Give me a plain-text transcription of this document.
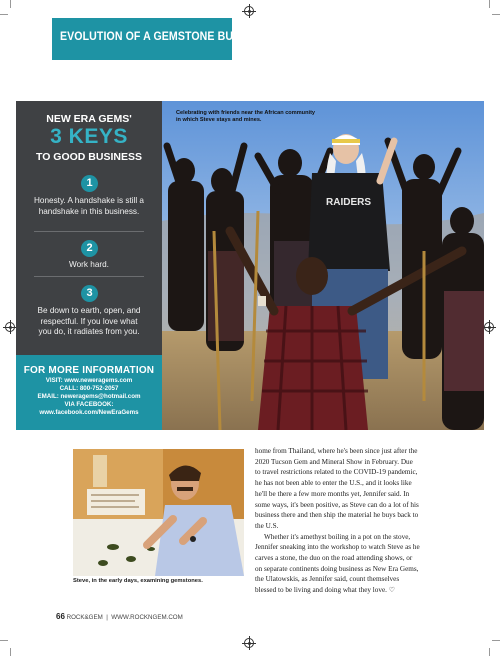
EVOLUTION OF A GEMSTONE BUSINESS
NEW ERA GEMS'
3 KEYS
TO GOOD BUSINESS
1
Honesty. A handshake is still a handshake in this business.
2
Work hard.
3
Be down to earth, open, and respectful. If you love what you do, it radiates from you.
FOR MORE INFORMATION
VISIT: www.neweragems.com
CALL: 800-752-2057
EMAIL: neweragems@hotmail.com
VIA FACEBOOK:
www.facebook.com/NewEraGems
RAIDERS
Celebrating with friends near the African community in which Steve stays and mines.
Steve, in the early days, examining gemstones.

home from Thailand, where he's been since just after the 2020 Tucson Gem and Mineral Show in February. Due to travel restrictions related to the COVID-19 pandemic, he has not been able to enter the U.S., and it looks like he'll be there a few more months yet, Jennifer said. In some ways, it's been positive, as Steve can do a lot of his business there and then ship the material he buys back to the U.S.

Whether it's amethyst boiling in a pot on the stove, Jennifer sneaking into the workshop to watch Steve as he carves a stone, the duo on the road attending shows, or on separate continents doing business as New Era Gems, the Ulatowskis, as Jennifer said, count themselves blessed to be living and doing what they love. ♡

66 ROCK&GEM | WWW.ROCKNGEM.COM
